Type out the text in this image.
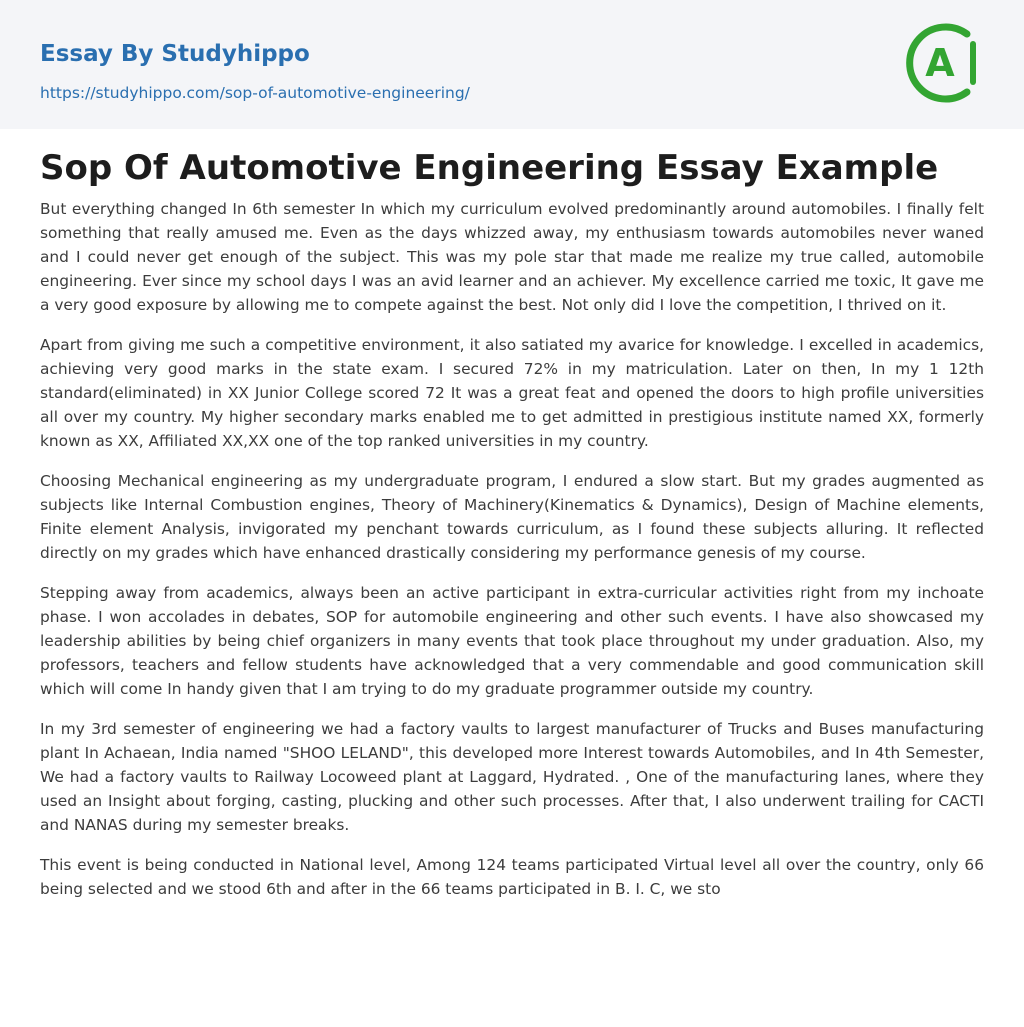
Essay By Studyhippo
https://studyhippo.com/sop-of-automotive-engineering/
A
Sop Of Automotive Engineering Essay Example

But everything changed In 6th semester In which my curriculum evolved predominantly around automobiles. I finally felt something that really amused me. Even as the days whizzed away, my enthusiasm towards automobiles never waned and I could never get enough of the subject. This was my pole star that made me realize my true called, automobile engineering. Ever since my school days I was an avid learner and an achiever. My excellence carried me toxic, It gave me a very good exposure by allowing me to compete against the best. Not only did I love the competition, I thrived on it.

Apart from giving me such a competitive environment, it also satiated my avarice for knowledge. I excelled in academics, achieving very good marks in the state exam. I secured 72% in my matriculation. Later on then, In my 1 12th standard(eliminated) in XX Junior College scored 72 It was a great feat and opened the doors to high profile universities all over my country. My higher secondary marks enabled me to get admitted in prestigious institute named XX, formerly known as XX, Affiliated XX,XX one of the top ranked universities in my country.

Choosing Mechanical engineering as my undergraduate program, I endured a slow start. But my grades augmented as subjects like Internal Combustion engines, Theory of Machinery(Kinematics & Dynamics), Design of Machine elements, Finite element Analysis, invigorated my penchant towards curriculum, as I found these subjects alluring. It reflected directly on my grades which have enhanced drastically considering my performance genesis of my course.

Stepping away from academics, always been an active participant in extra-curricular activities right from my inchoate phase. I won accolades in debates, SOP for automobile engineering and other such events. I have also showcased my leadership abilities by being chief organizers in many events that took place throughout my under graduation. Also, my professors, teachers and fellow students have acknowledged that a very commendable and good communication skill which will come In handy given that I am trying to do my graduate programmer outside my country.

In my 3rd semester of engineering we had a factory vaults to largest manufacturer of Trucks and Buses manufacturing plant In Achaean, India named "SHOO LELAND", this developed more Interest towards Automobiles, and In 4th Semester, We had a factory vaults to Railway Locoweed plant at Laggard, Hydrated. , One of the manufacturing lanes, where they used an Insight about forging, casting, plucking and other such processes. After that, I also underwent trailing for CACTI and NANAS during my semester breaks.

This event is being conducted in National level, Among 124 teams participated Virtual level all over the country, only 66 being selected and we stood 6th and after in the 66 teams participated in B. I. C, we sto
